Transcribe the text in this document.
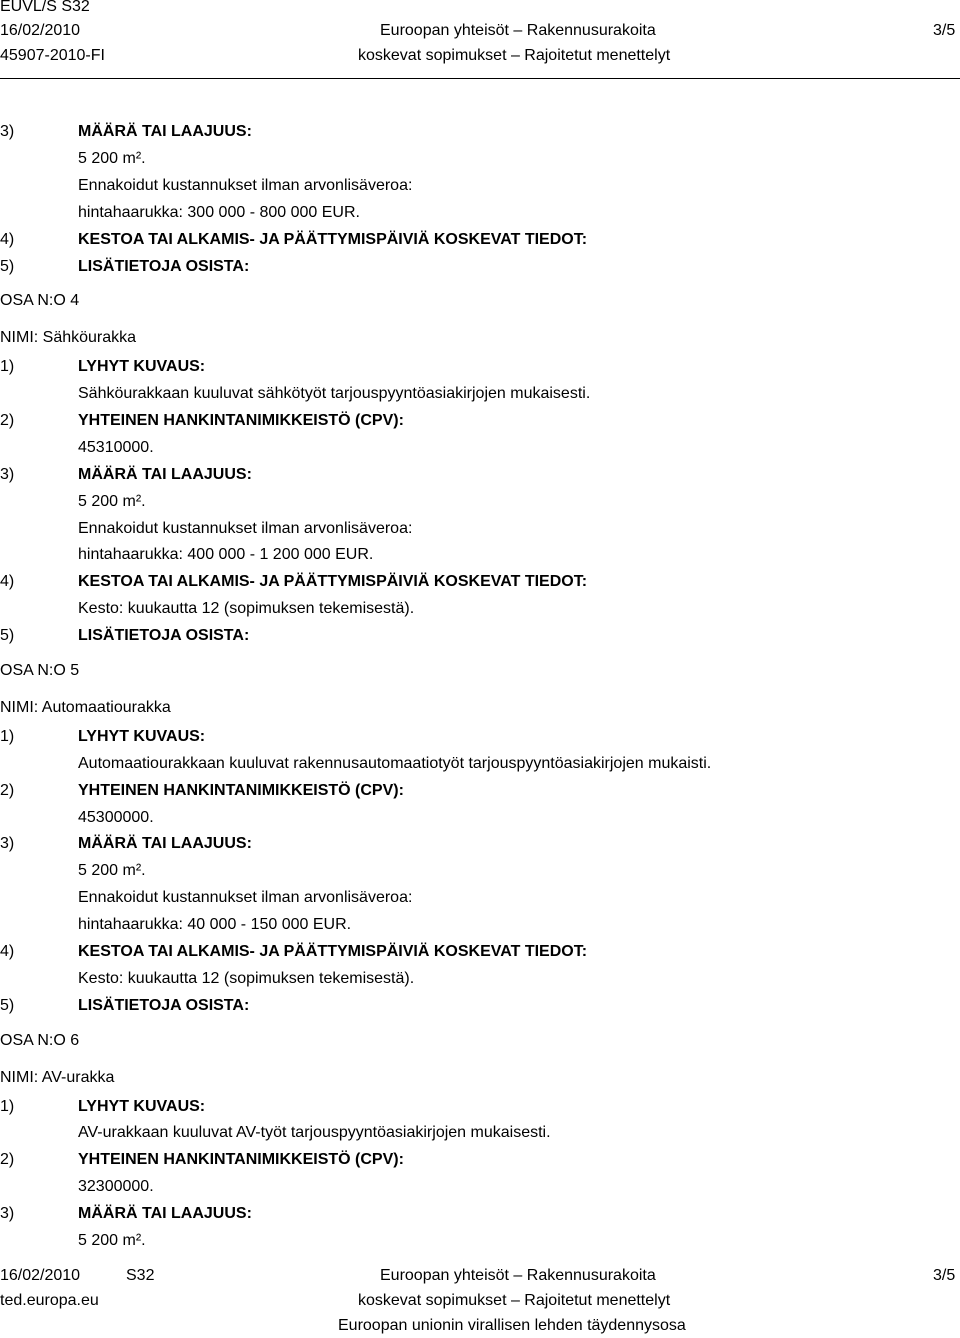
EUVL/S S32
16/02/2010
45907-2010-FI
Euroopan yhteisöt – Rakennusurakoita
koskevat sopimukset – Rajoitetut menettelyt
3/5
3)	MÄÄRÄ TAI LAAJUUS:
5 200 m².
Ennakoidut kustannukset ilman arvonlisäveroa:
hintahaarukka: 300 000 - 800 000 EUR.
4)	KESTOA TAI ALKAMIS- JA PÄÄTTYMISPÄIVIÄ KOSKEVAT TIEDOT:
5)	LISÄTIETOJA OSISTA:
OSA N:O 4
NIMI: Sähköurakka
1)	LYHYT KUVAUS:
Sähköurakkaan kuuluvat sähkötyöt tarjouspyyntöasiakirjojen mukaisesti.
2)	YHTEINEN HANKINTANIMIKKEISTÖ (CPV):
45310000.
3)	MÄÄRÄ TAI LAAJUUS:
5 200 m².
Ennakoidut kustannukset ilman arvonlisäveroa:
hintahaarukka: 400 000 - 1 200 000 EUR.
4)	KESTOA TAI ALKAMIS- JA PÄÄTTYMISPÄIVIÄ KOSKEVAT TIEDOT:
Kesto: kuukautta 12 (sopimuksen tekemisestä).
5)	LISÄTIETOJA OSISTA:
OSA N:O 5
NIMI: Automaatiourakka
1)	LYHYT KUVAUS:
Automaatiourakkaan kuuluvat rakennusautomaatiotyöt tarjouspyyntöasiakirjojen mukaisti.
2)	YHTEINEN HANKINTANIMIKKEISTÖ (CPV):
45300000.
3)	MÄÄRÄ TAI LAAJUUS:
5 200 m².
Ennakoidut kustannukset ilman arvonlisäveroa:
hintahaarukka: 40 000 - 150 000 EUR.
4)	KESTOA TAI ALKAMIS- JA PÄÄTTYMISPÄIVIÄ KOSKEVAT TIEDOT:
Kesto: kuukautta 12 (sopimuksen tekemisestä).
5)	LISÄTIETOJA OSISTA:
OSA N:O 6
NIMI: AV-urakka
1)	LYHYT KUVAUS:
AV-urakkaan kuuluvat AV-työt tarjouspyyntöasiakirjojen mukaisesti.
2)	YHTEINEN HANKINTANIMIKKEISTÖ (CPV):
32300000.
3)	MÄÄRÄ TAI LAAJUUS:
5 200 m².
16/02/2010	S32
ted.europa.eu
Euroopan yhteisöt – Rakennusurakoita
koskevat sopimukset – Rajoitetut menettelyt
Euroopan unionin virallisen lehden täydennysosa
3/5
